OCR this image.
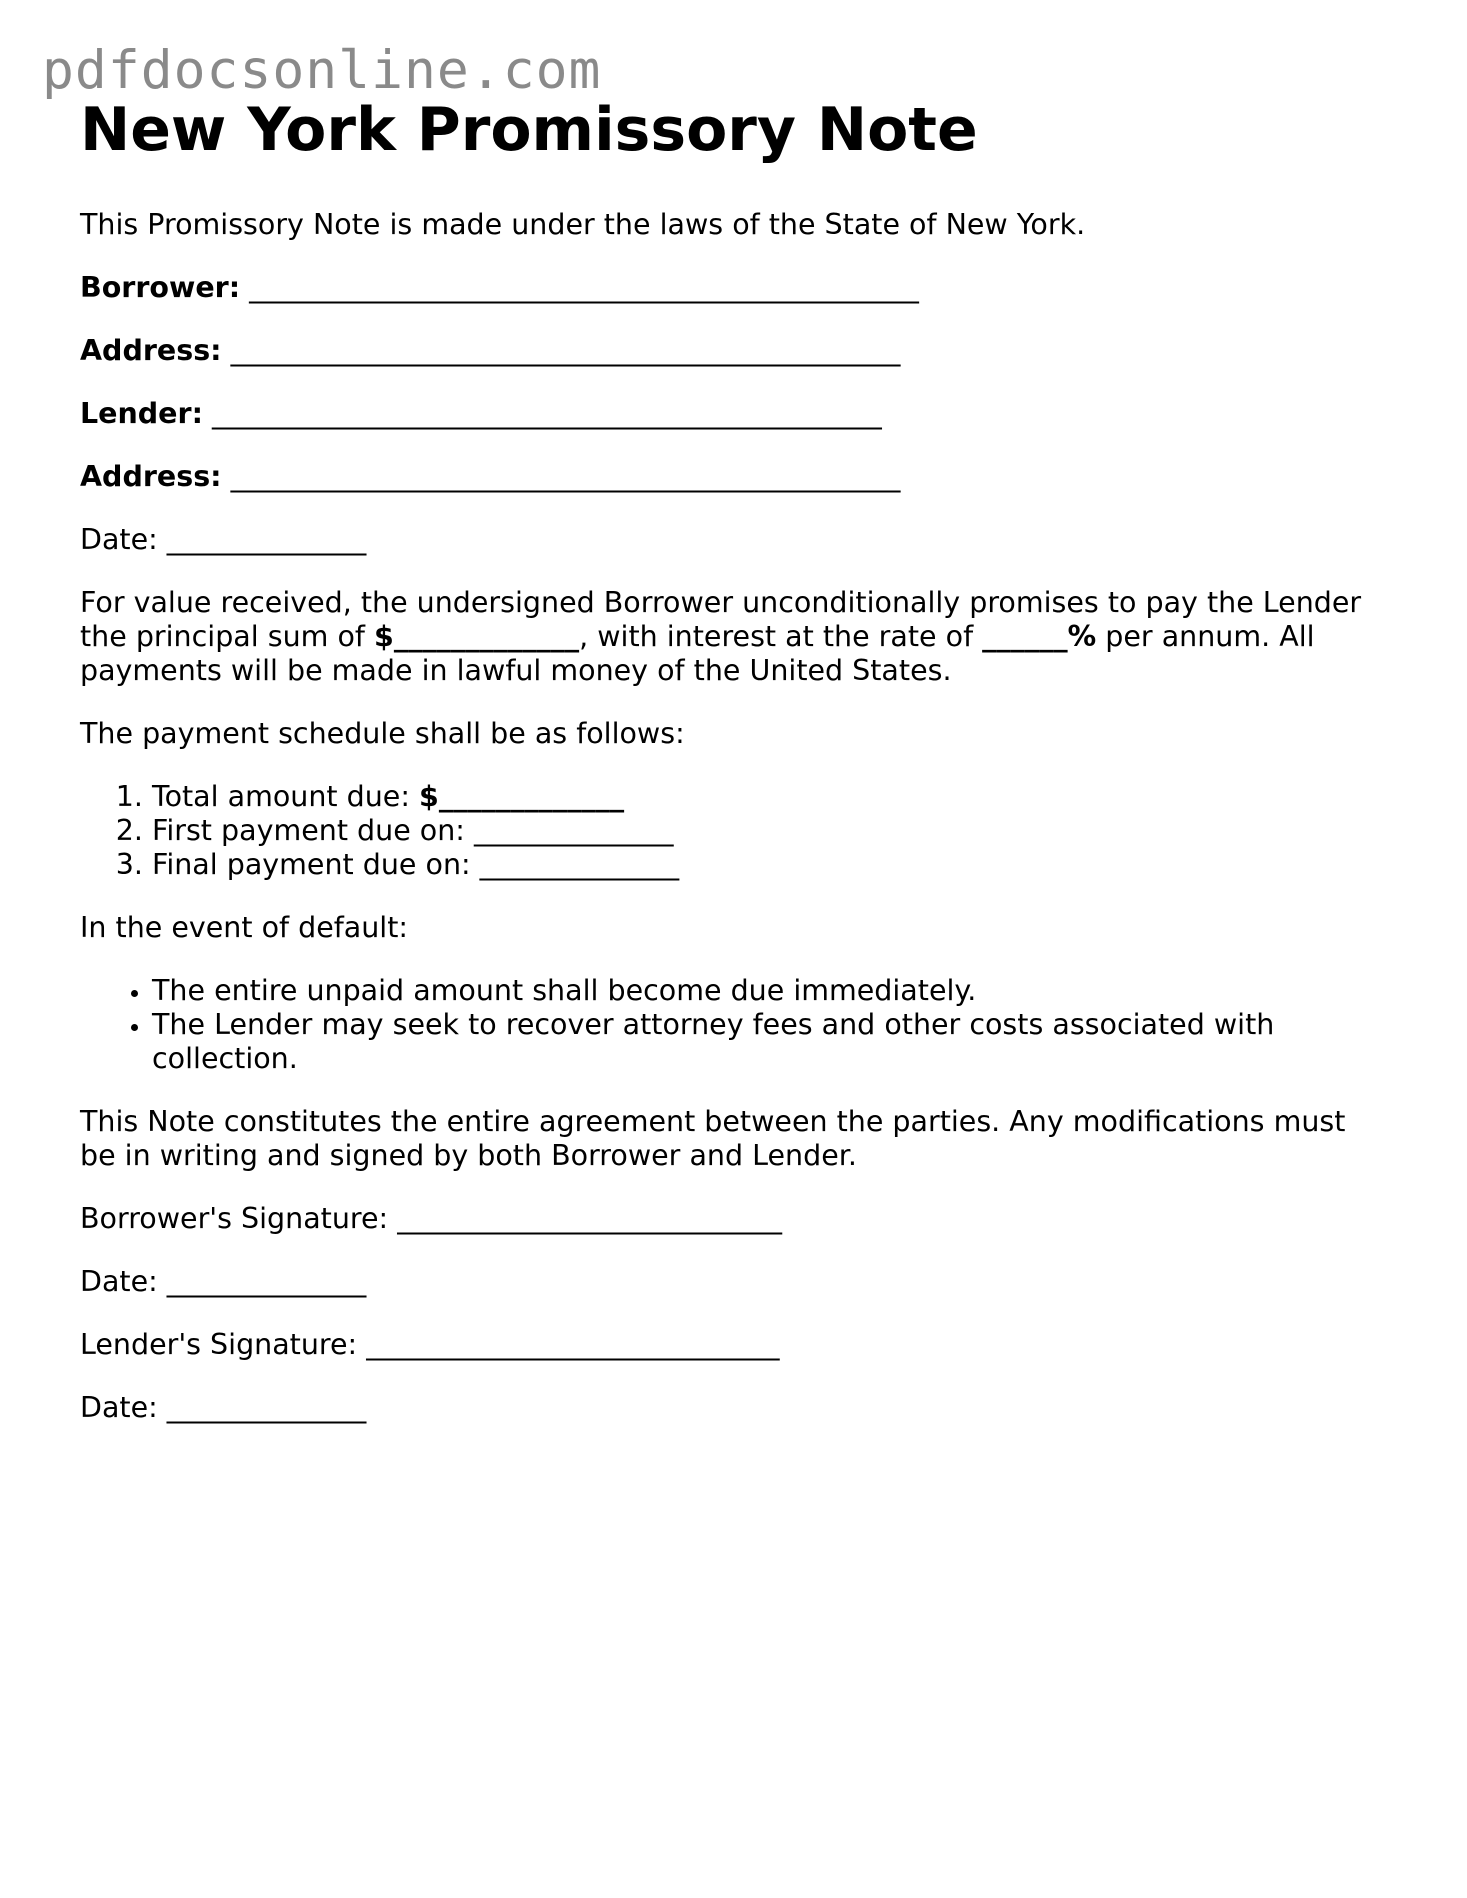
pdfdocsonline.com
New York Promissory Note

This Promissory Note is made under the laws of the State of New York.

Borrower: _______________________________________________

Address: _______________________________________________

Lender: _______________________________________________

Address: _______________________________________________

Date: ______________

For value received, the undersigned Borrower unconditionally promises to pay the Lender the principal sum of $_____________, with interest at the rate of ______% per annum. All payments will be made in lawful money of the United States.

The payment schedule shall be as follows:

1. Total amount due: $_____________
2. First payment due on: ______________
3. Final payment due on: ______________

In the event of default:

• The entire unpaid amount shall become due immediately.
• The Lender may seek to recover attorney fees and other costs associated with collection.

This Note constitutes the entire agreement between the parties. Any modifications must be in writing and signed by both Borrower and Lender.

Borrower's Signature: ___________________________

Date: ______________

Lender's Signature: _____________________________

Date: ______________
